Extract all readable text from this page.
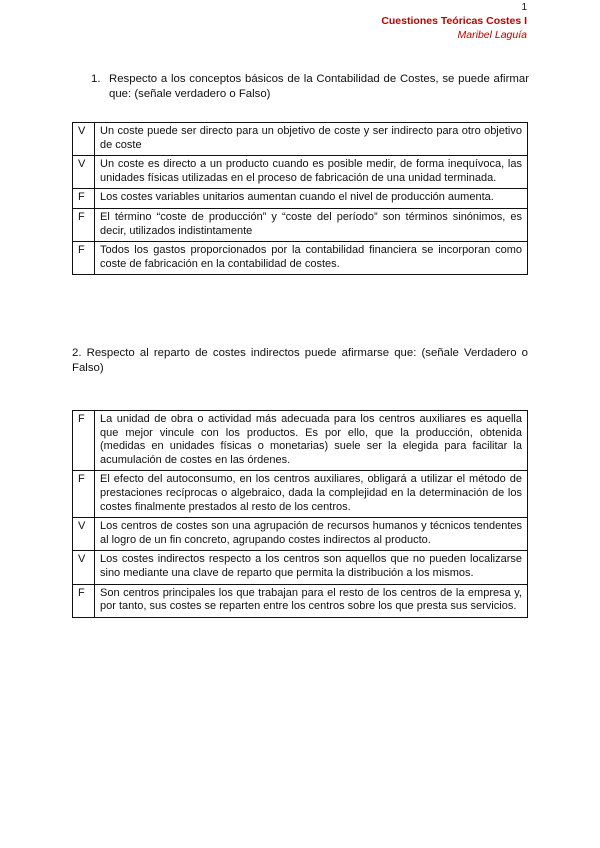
1
Cuestiones Teóricas Costes I
Maribel Laguía
1. Respecto a los conceptos básicos de la Contabilidad de Costes, se puede afirmar que: (señale verdadero o Falso)
V	Un coste puede ser directo para un objetivo de coste y ser indirecto para otro objetivo de coste
V	Un coste es directo a un producto cuando es posible medir, de forma inequívoca, las unidades físicas utilizadas en el proceso de fabricación de una unidad terminada.
F	Los costes variables unitarios aumentan cuando el nivel de producción aumenta.
F	El término “coste de producción” y “coste del período” son términos sinónimos, es decir, utilizados indistintamente
F	Todos los gastos proporcionados por la contabilidad financiera se incorporan como coste de fabricación en la contabilidad de costes.
2. Respecto al reparto de costes indirectos puede afirmarse que: (señale Verdadero o Falso)
F	La unidad de obra o actividad más adecuada para los centros auxiliares es aquella que mejor vincule con los productos. Es por ello, que la producción, obtenida (medidas en unidades físicas o monetarias) suele ser la elegida para facilitar la acumulación de costes en las órdenes.
F	El efecto del autoconsumo, en los centros auxiliares, obligará a utilizar el método de prestaciones recíprocas o algebraico, dada la complejidad en la determinación de los costes finalmente prestados al resto de los centros.
V	Los centros de costes son una agrupación de recursos humanos y técnicos tendentes al logro de un fin concreto, agrupando costes indirectos al producto.
V	Los costes indirectos respecto a los centros son aquellos que no pueden localizarse sino mediante una clave de reparto que permita la distribución a los mismos.
F	Son centros principales los que trabajan para el resto de los centros de la empresa y, por tanto, sus costes se reparten entre los centros sobre los que presta sus servicios.
